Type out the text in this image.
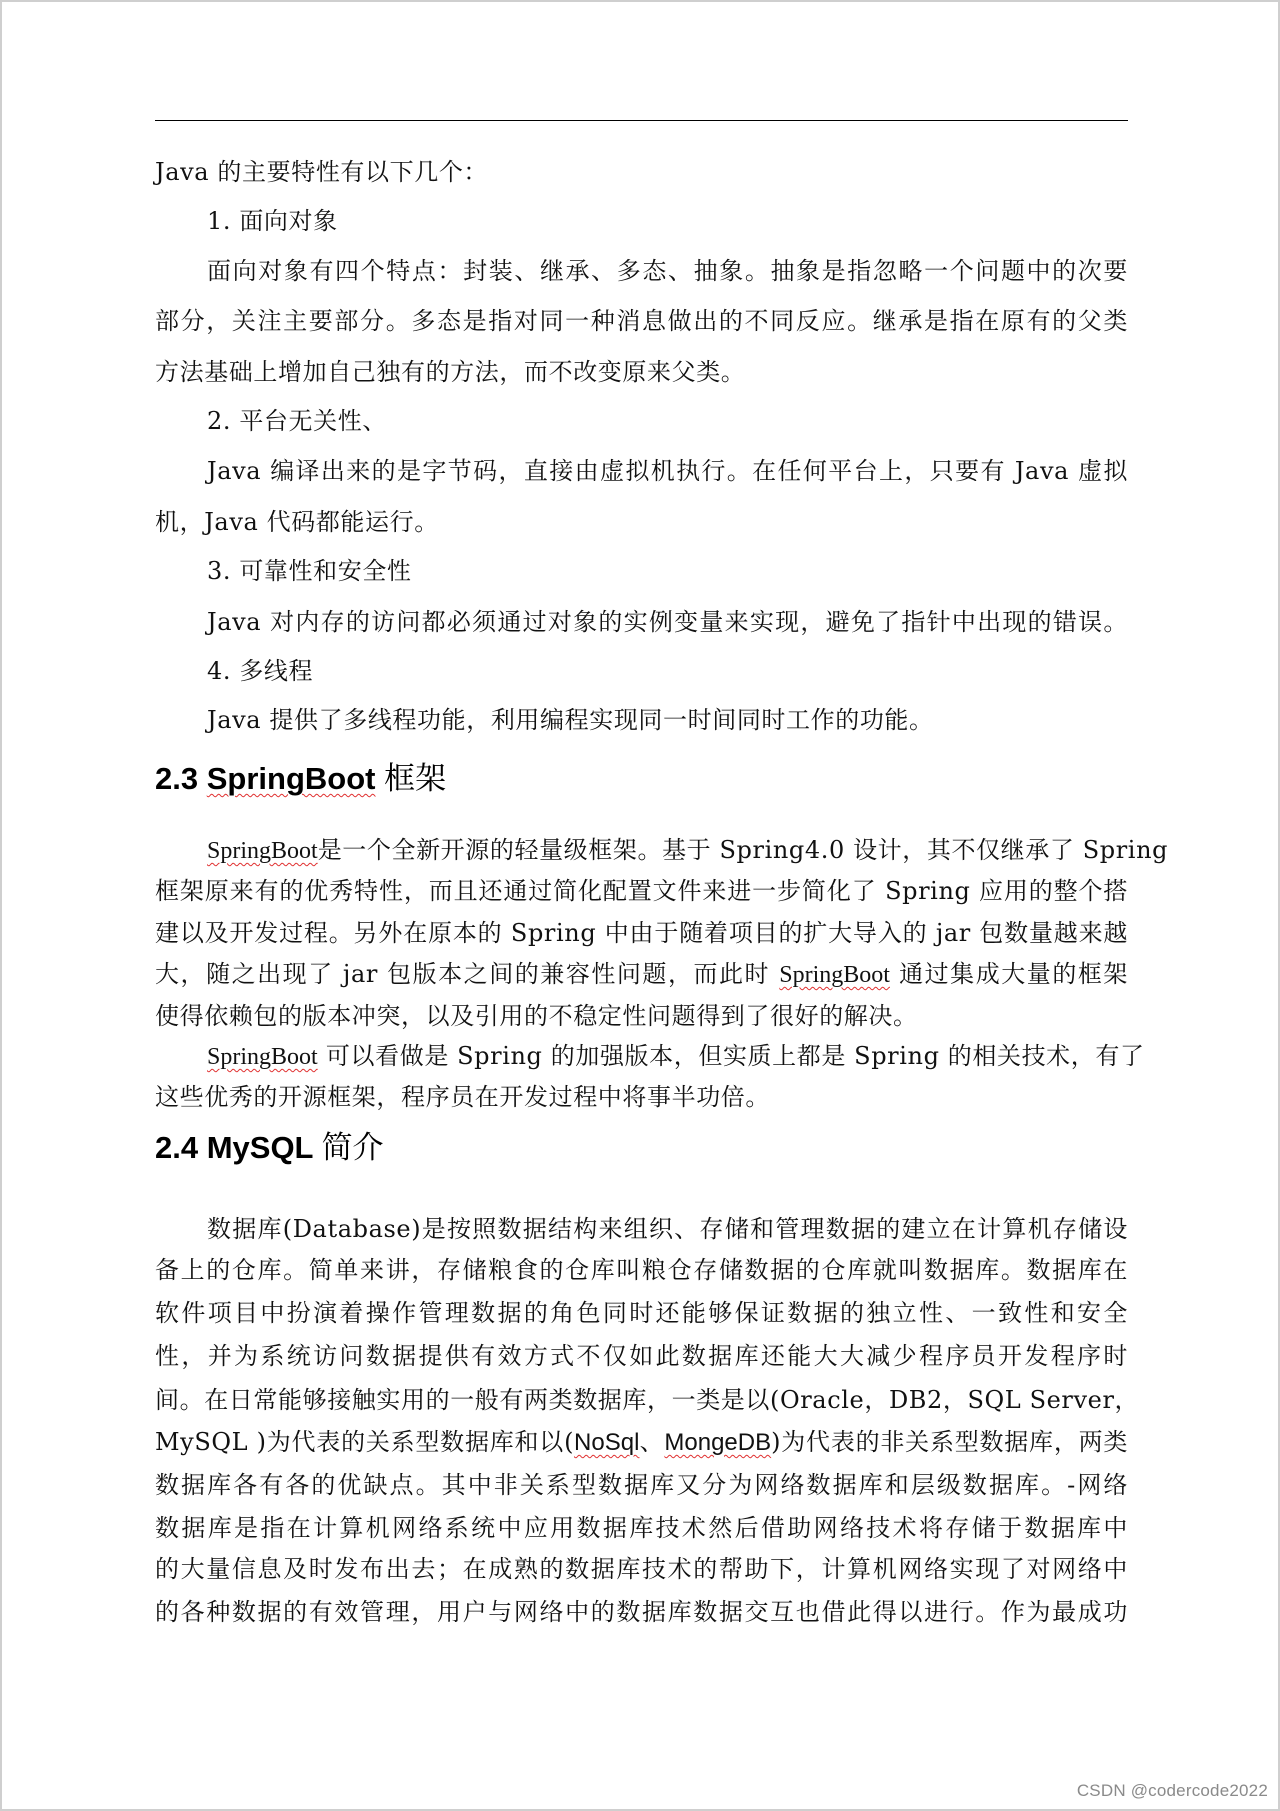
Java 的主要特性有以下几个：
1. 面向对象
面向对象有四个特点：封装、继承、多态、抽象。抽象是指忽略一个问题中的次要
部分，关注主要部分。多态是指对同一种消息做出的不同反应。继承是指在原有的父类
方法基础上增加自己独有的方法，而不改变原来父类。
2. 平台无关性、
Java 编译出来的是字节码，直接由虚拟机执行。在任何平台上，只要有 Java 虚拟
机，Java 代码都能运行。
3. 可靠性和安全性
Java 对内存的访问都必须通过对象的实例变量来实现，避免了指针中出现的错误。
4. 多线程
Java 提供了多线程功能，利用编程实现同一时间同时工作的功能。
2.3 SpringBoot 框架
SpringBoot是一个全新开源的轻量级框架。基于 Spring4.0 设计，其不仅继承了 Spring
框架原来有的优秀特性，而且还通过简化配置文件来进一步简化了 Spring 应用的整个搭
建以及开发过程。另外在原本的 Spring 中由于随着项目的扩大导入的 jar 包数量越来越
大，随之出现了 jar 包版本之间的兼容性问题，而此时 SpringBoot 通过集成大量的框架
使得依赖包的版本冲突，以及引用的不稳定性问题得到了很好的解决。
SpringBoot 可以看做是 Spring 的加强版本，但实质上都是 Spring 的相关技术，有了
这些优秀的开源框架，程序员在开发过程中将事半功倍。
2.4 MySQL 简介
数据库(Database)是按照数据结构来组织、存储和管理数据的建立在计算机存储设
备上的仓库。简单来讲，存储粮食的仓库叫粮仓存储数据的仓库就叫数据库。数据库在
软件项目中扮演着操作管理数据的角色同时还能够保证数据的独立性、一致性和安全
性，并为系统访问数据提供有效方式不仅如此数据库还能大大减少程序员开发程序时
间。在日常能够接触实用的一般有两类数据库，一类是以(Oracle，DB2，SQL Server，
MySQL )为代表的关系型数据库和以(NoSql、MongeDB)为代表的非关系型数据库，两类
数据库各有各的优缺点。其中非关系型数据库又分为网络数据库和层级数据库。-网络
数据库是指在计算机网络系统中应用数据库技术然后借助网络技术将存储于数据库中
的大量信息及时发布出去；在成熟的数据库技术的帮助下，计算机网络实现了对网络中
的各种数据的有效管理，用户与网络中的数据库数据交互也借此得以进行。作为最成功
CSDN @codercode2022
